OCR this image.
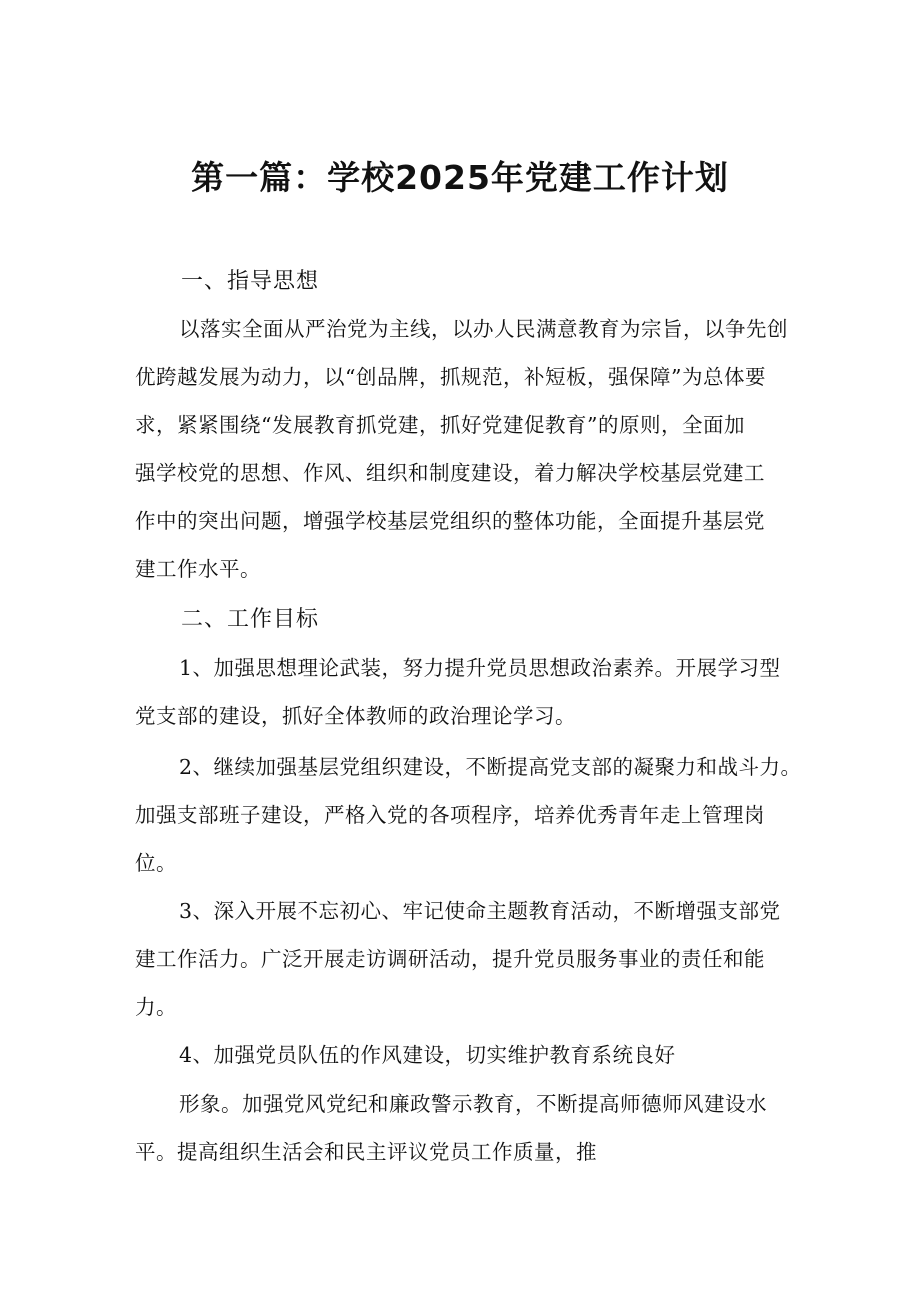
第一篇：学校2025年党建工作计划
一、指导思想
以落实全面从严治党为主线，以办人民满意教育为宗旨，以争先创
优跨越发展为动力，以“创品牌，抓规范，补短板，强保障”为总体要
求，紧紧围绕“发展教育抓党建，抓好党建促教育”的原则，全面加
强学校党的思想、作风、组织和制度建设，着力解决学校基层党建工
作中的突出问题，增强学校基层党组织的整体功能，全面提升基层党
建工作水平。
二、工作目标
1、加强思想理论武装，努力提升党员思想政治素养。开展学习型
党支部的建设，抓好全体教师的政治理论学习。
2、继续加强基层党组织建设，不断提高党支部的凝聚力和战斗力。
加强支部班子建设，严格入党的各项程序，培养优秀青年走上管理岗
位。
3、深入开展不忘初心、牢记使命主题教育活动，不断增强支部党
建工作活力。广泛开展走访调研活动，提升党员服务事业的责任和能
力。
4、加强党员队伍的作风建设，切实维护教育系统良好
形象。加强党风党纪和廉政警示教育，不断提高师德师风建设水
平。提高组织生活会和民主评议党员工作质量，推
